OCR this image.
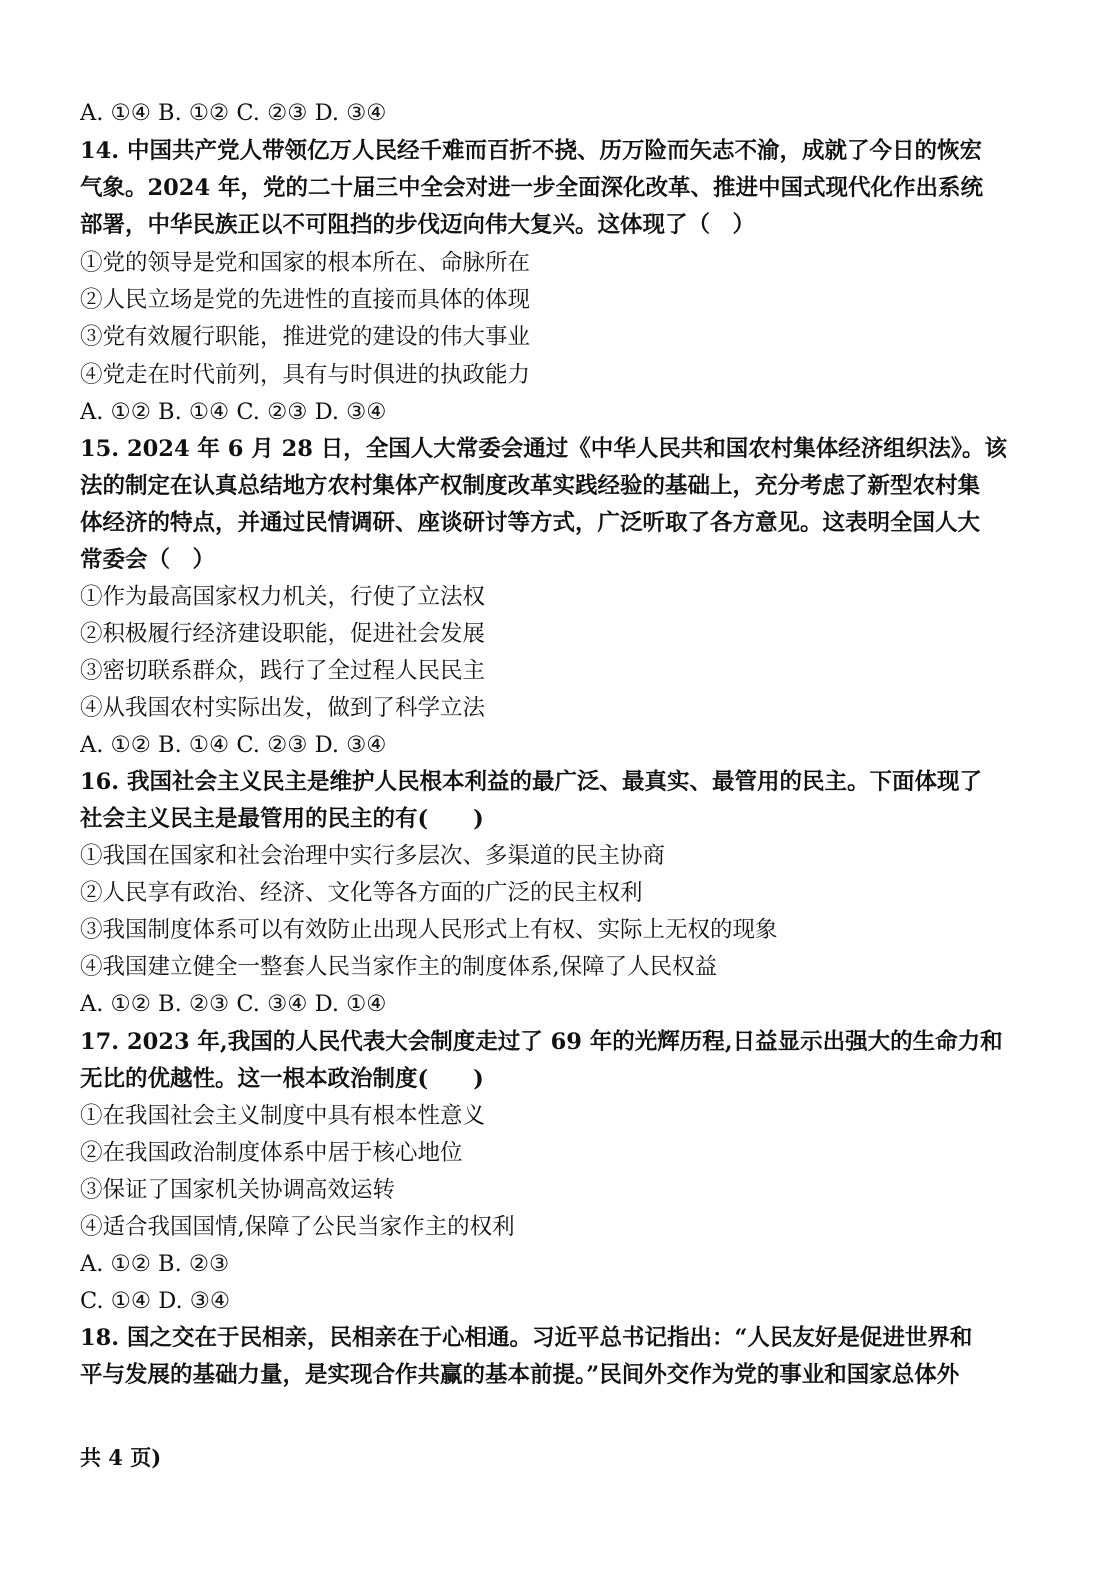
A. ①④ B. ①② C. ②③ D. ③④
14. 中国共产党人带领亿万人民经千难而百折不挠、历万险而矢志不渝，成就了今日的恢宏
气象。2024 年，党的二十届三中全会对进一步全面深化改革、推进中国式现代化作出系统
部署，中华民族正以不可阻挡的步伐迈向伟大复兴。这体现了（　）
①党的领导是党和国家的根本所在、命脉所在
②人民立场是党的先进性的直接而具体的体现
③党有效履行职能，推进党的建设的伟大事业
④党走在时代前列，具有与时俱进的执政能力
A. ①② B. ①④ C. ②③ D. ③④
15. 2024 年 6 月 28 日，全国人大常委会通过《中华人民共和国农村集体经济组织法》。该
法的制定在认真总结地方农村集体产权制度改革实践经验的基础上，充分考虑了新型农村集
体经济的特点，并通过民情调研、座谈研讨等方式，广泛听取了各方意见。这表明全国人大
常委会（　）
①作为最高国家权力机关，行使了立法权
②积极履行经济建设职能，促进社会发展
③密切联系群众，践行了全过程人民民主
④从我国农村实际出发，做到了科学立法
A. ①② B. ①④ C. ②③ D. ③④
16. 我国社会主义民主是维护人民根本利益的最广泛、最真实、最管用的民主。下面体现了
社会主义民主是最管用的民主的有(　　)
①我国在国家和社会治理中实行多层次、多渠道的民主协商
②人民享有政治、经济、文化等各方面的广泛的民主权利
③我国制度体系可以有效防止出现人民形式上有权、实际上无权的现象
④我国建立健全一整套人民当家作主的制度体系,保障了人民权益
A. ①② B. ②③ C. ③④ D. ①④
17. 2023 年,我国的人民代表大会制度走过了 69 年的光辉历程,日益显示出强大的生命力和
无比的优越性。这一根本政治制度(　　)
①在我国社会主义制度中具有根本性意义
②在我国政治制度体系中居于核心地位
③保证了国家机关协调高效运转
④适合我国国情,保障了公民当家作主的权利
A. ①② B. ②③
C. ①④ D. ③④
18. 国之交在于民相亲，民相亲在于心相通。习近平总书记指出：“人民友好是促进世界和
平与发展的基础力量，是实现合作共赢的基本前提。”民间外交作为党的事业和国家总体外
共 4 页)
